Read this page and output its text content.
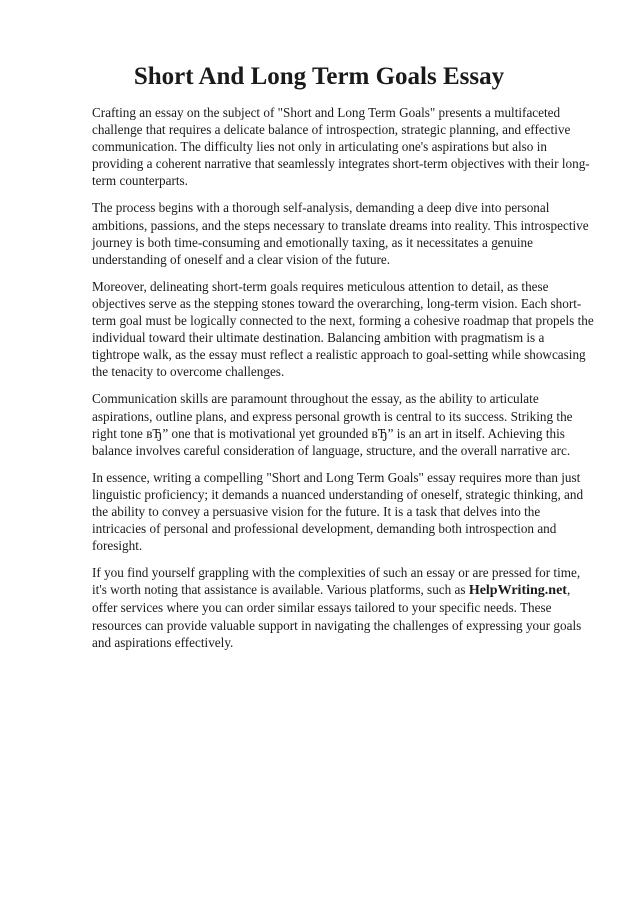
Short And Long Term Goals Essay

Crafting an essay on the subject of "Short and Long Term Goals" presents a multifaceted challenge that requires a delicate balance of introspection, strategic planning, and effective communication. The difficulty lies not only in articulating one's aspirations but also in providing a coherent narrative that seamlessly integrates short-term objectives with their long-term counterparts.

The process begins with a thorough self-analysis, demanding a deep dive into personal ambitions, passions, and the steps necessary to translate dreams into reality. This introspective journey is both time-consuming and emotionally taxing, as it necessitates a genuine understanding of oneself and a clear vision of the future.

Moreover, delineating short-term goals requires meticulous attention to detail, as these objectives serve as the stepping stones toward the overarching, long-term vision. Each short-term goal must be logically connected to the next, forming a cohesive roadmap that propels the individual toward their ultimate destination. Balancing ambition with pragmatism is a tightrope walk, as the essay must reflect a realistic approach to goal-setting while showcasing the tenacity to overcome challenges.

Communication skills are paramount throughout the essay, as the ability to articulate aspirations, outline plans, and express personal growth is central to its success. Striking the right tone вЂ” one that is motivational yet grounded вЂ” is an art in itself. Achieving this balance involves careful consideration of language, structure, and the overall narrative arc.

In essence, writing a compelling "Short and Long Term Goals" essay requires more than just linguistic proficiency; it demands a nuanced understanding of oneself, strategic thinking, and the ability to convey a persuasive vision for the future. It is a task that delves into the intricacies of personal and professional development, demanding both introspection and foresight.

If you find yourself grappling with the complexities of such an essay or are pressed for time, it's worth noting that assistance is available. Various platforms, such as HelpWriting.net, offer services where you can order similar essays tailored to your specific needs. These resources can provide valuable support in navigating the challenges of expressing your goals and aspirations effectively.
